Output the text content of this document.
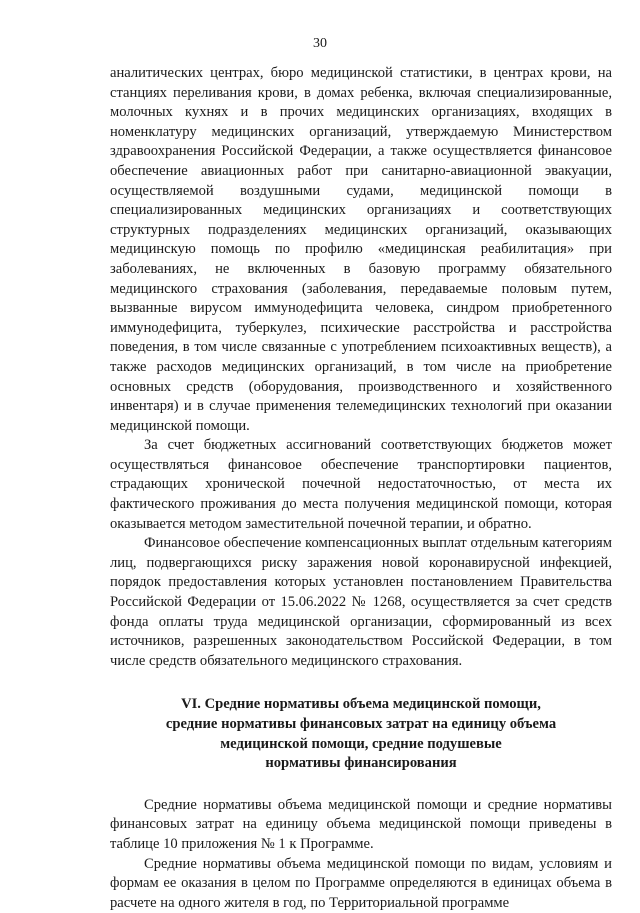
30

аналитических центрах, бюро медицинской статистики, в центрах крови, на станциях переливания крови, в домах ребенка, включая специализированные, молочных кухнях и в прочих медицинских организациях, входящих в номенклатуру медицинских организаций, утверждаемую Министерством здравоохранения Российской Федерации, а также осуществляется финансовое обеспечение авиационных работ при санитарно-авиационной эвакуации, осуществляемой воздушными судами, медицинской помощи в специализированных медицинских организациях и соответствующих структурных подразделениях медицинских организаций, оказывающих медицинскую помощь по профилю «медицинская реабилитация» при заболеваниях, не включенных в базовую программу обязательного медицинского страхования (заболевания, передаваемые половым путем, вызванные вирусом иммунодефицита человека, синдром приобретенного иммунодефицита, туберкулез, психические расстройства и расстройства поведения, в том числе связанные с употреблением психоактивных веществ), а также расходов медицинских организаций, в том числе на приобретение основных средств (оборудования, производственного и хозяйственного инвентаря) и в случае применения телемедицинских технологий при оказании медицинской помощи.

За счет бюджетных ассигнований соответствующих бюджетов может осуществляться финансовое обеспечение транспортировки пациентов, страдающих хронической почечной недостаточностью, от места их фактического проживания до места получения медицинской помощи, которая оказывается методом заместительной почечной терапии, и обратно.

Финансовое обеспечение компенсационных выплат отдельным категориям лиц, подвергающихся риску заражения новой коронавирусной инфекцией, порядок предоставления которых установлен постановлением Правительства Российской Федерации от 15.06.2022 № 1268, осуществляется за счет средств фонда оплаты труда медицинской организации, сформированный из всех источников, разрешенных законодательством Российской Федерации, в том числе средств обязательного медицинского страхования.

VI. Средние нормативы объема медицинской помощи,
средние нормативы финансовых затрат на единицу объема
медицинской помощи, средние подушевые
нормативы финансирования

Средние нормативы объема медицинской помощи и средние нормативы финансовых затрат на единицу объема медицинской помощи приведены в таблице 10 приложения № 1 к Программе.

Средние нормативы объема медицинской помощи по видам, условиям и формам ее оказания в целом по Программе определяются в единицах объема в расчете на одного жителя в год, по Территориальной программе
